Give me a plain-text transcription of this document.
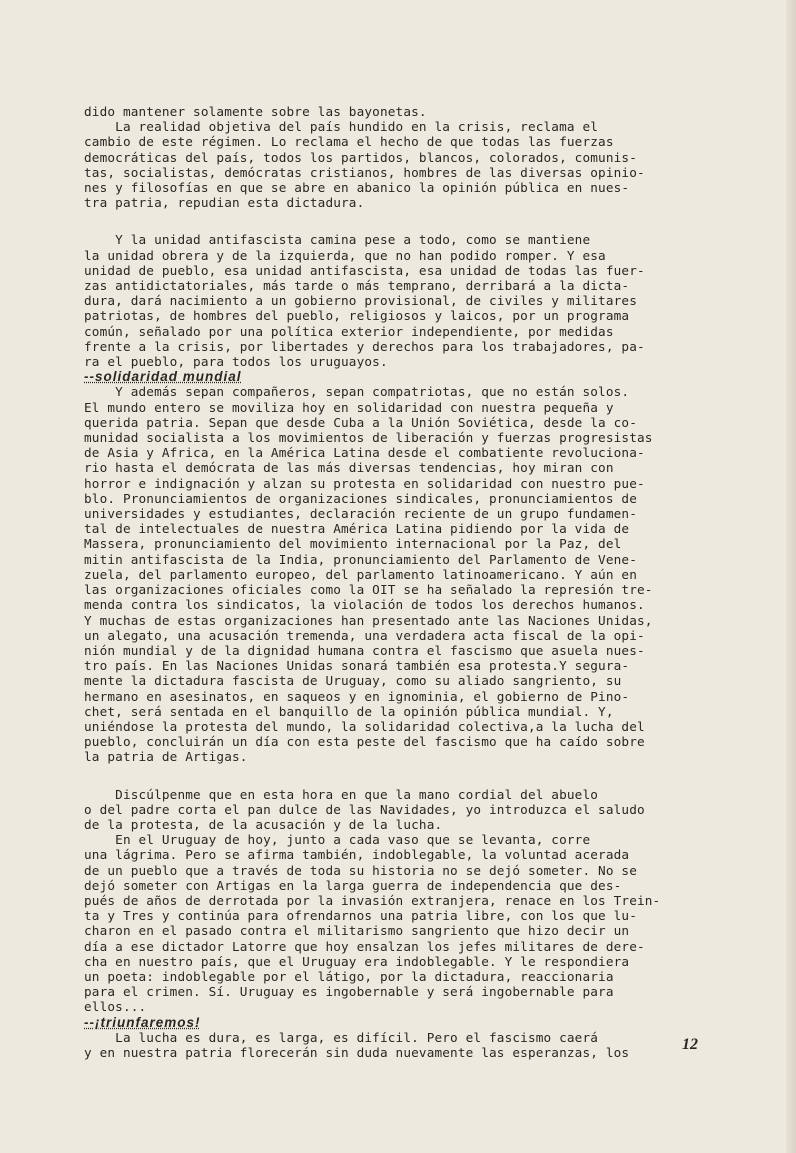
dido mantener solamente sobre las bayonetas.

La realidad objetiva del país hundido en la crisis, reclama el

cambio de este régimen. Lo reclama el hecho de que todas las fuerzas

democráticas del país, todos los partidos, blancos, colorados, comunis-

tas, socialistas, demócratas cristianos, hombres de las diversas opinio-

nes y filosofías en que se abre en abanico la opinión pública en nues-

tra patria, repudian esta dictadura.

Y la unidad antifascista camina pese a todo, como se mantiene

la unidad obrera y de la izquierda, que no han podido romper. Y esa

unidad de pueblo, esa unidad antifascista, esa unidad de todas las fuer-

zas antidictatoriales, más tarde o más temprano, derribará a la dicta-

dura, dará nacimiento a un gobierno provisional, de civiles y militares

patriotas, de hombres del pueblo, religiosos y laicos, por un programa

común, señalado por una política exterior independiente, por medidas

frente a la crisis, por libertades y derechos para los trabajadores, pa-

ra el pueblo, para todos los uruguayos.

--solidaridad mundial

Y además sepan compañeros, sepan compatriotas, que no están solos.

El mundo entero se moviliza hoy en solidaridad con nuestra pequeña y

querida patria. Sepan que desde Cuba a la Unión Soviética, desde la co-

munidad socialista a los movimientos de liberación y fuerzas progresistas

de Asia y Africa, en la América Latina desde el combatiente revoluciona-

rio hasta el demócrata de las más diversas tendencias, hoy miran con

horror e indignación y alzan su protesta en solidaridad con nuestro pue-

blo. Pronunciamientos de organizaciones sindicales, pronunciamientos de

universidades y estudiantes, declaración reciente de un grupo fundamen-

tal de intelectuales de nuestra América Latina pidiendo por la vida de

Massera, pronunciamiento del movimiento internacional por la Paz, del

mitin antifascista de la India, pronunciamiento del Parlamento de Vene-

zuela, del parlamento europeo, del parlamento latinoamericano. Y aún en

las organizaciones oficiales como la OIT se ha señalado la represión tre-

menda contra los sindicatos, la violación de todos los derechos humanos.

Y muchas de estas organizaciones han presentado ante las Naciones Unidas,

un alegato, una acusación tremenda, una verdadera acta fiscal de la opi-

nión mundial y de la dignidad humana contra el fascismo que asuela nues-

tro país. En las Naciones Unidas sonará también esa protesta.Y segura-

mente la dictadura fascista de Uruguay, como su aliado sangriento, su

hermano en asesinatos, en saqueos y en ignominia, el gobierno de Pino-

chet, será sentada en el banquillo de la opinión pública mundial. Y,

uniéndose la protesta del mundo, la solidaridad colectiva,a la lucha del

pueblo, concluirán un día con esta peste del fascismo que ha caído sobre

la patria de Artigas.

Discúlpenme que en esta hora en que la mano cordial del abuelo

o del padre corta el pan dulce de las Navidades, yo introduzca el saludo

de la protesta, de la acusación y de la lucha.

En el Uruguay de hoy, junto a cada vaso que se levanta, corre

una lágrima. Pero se afirma también, indoblegable, la voluntad acerada

de un pueblo que a través de toda su historia no se dejó someter. No se

dejó someter con Artigas en la larga guerra de independencia que des-

pués de años de derrotada por la invasión extranjera, renace en los Trein-

ta y Tres y continúa para ofrendarnos una patria libre, con los que lu-

charon en el pasado contra el militarismo sangriento que hizo decir un

día a ese dictador Latorre que hoy ensalzan los jefes militares de dere-

cha en nuestro país, que el Uruguay era indoblegable. Y le respondiera

un poeta: indoblegable por el látigo, por la dictadura, reaccionaria

para el crimen. Sí. Uruguay es ingobernable y será ingobernable para

ellos...

--¡triunfaremos!

La lucha es dura, es larga, es difícil. Pero el fascismo caerá

y en nuestra patria florecerán sin duda nuevamente las esperanzas, los	12
